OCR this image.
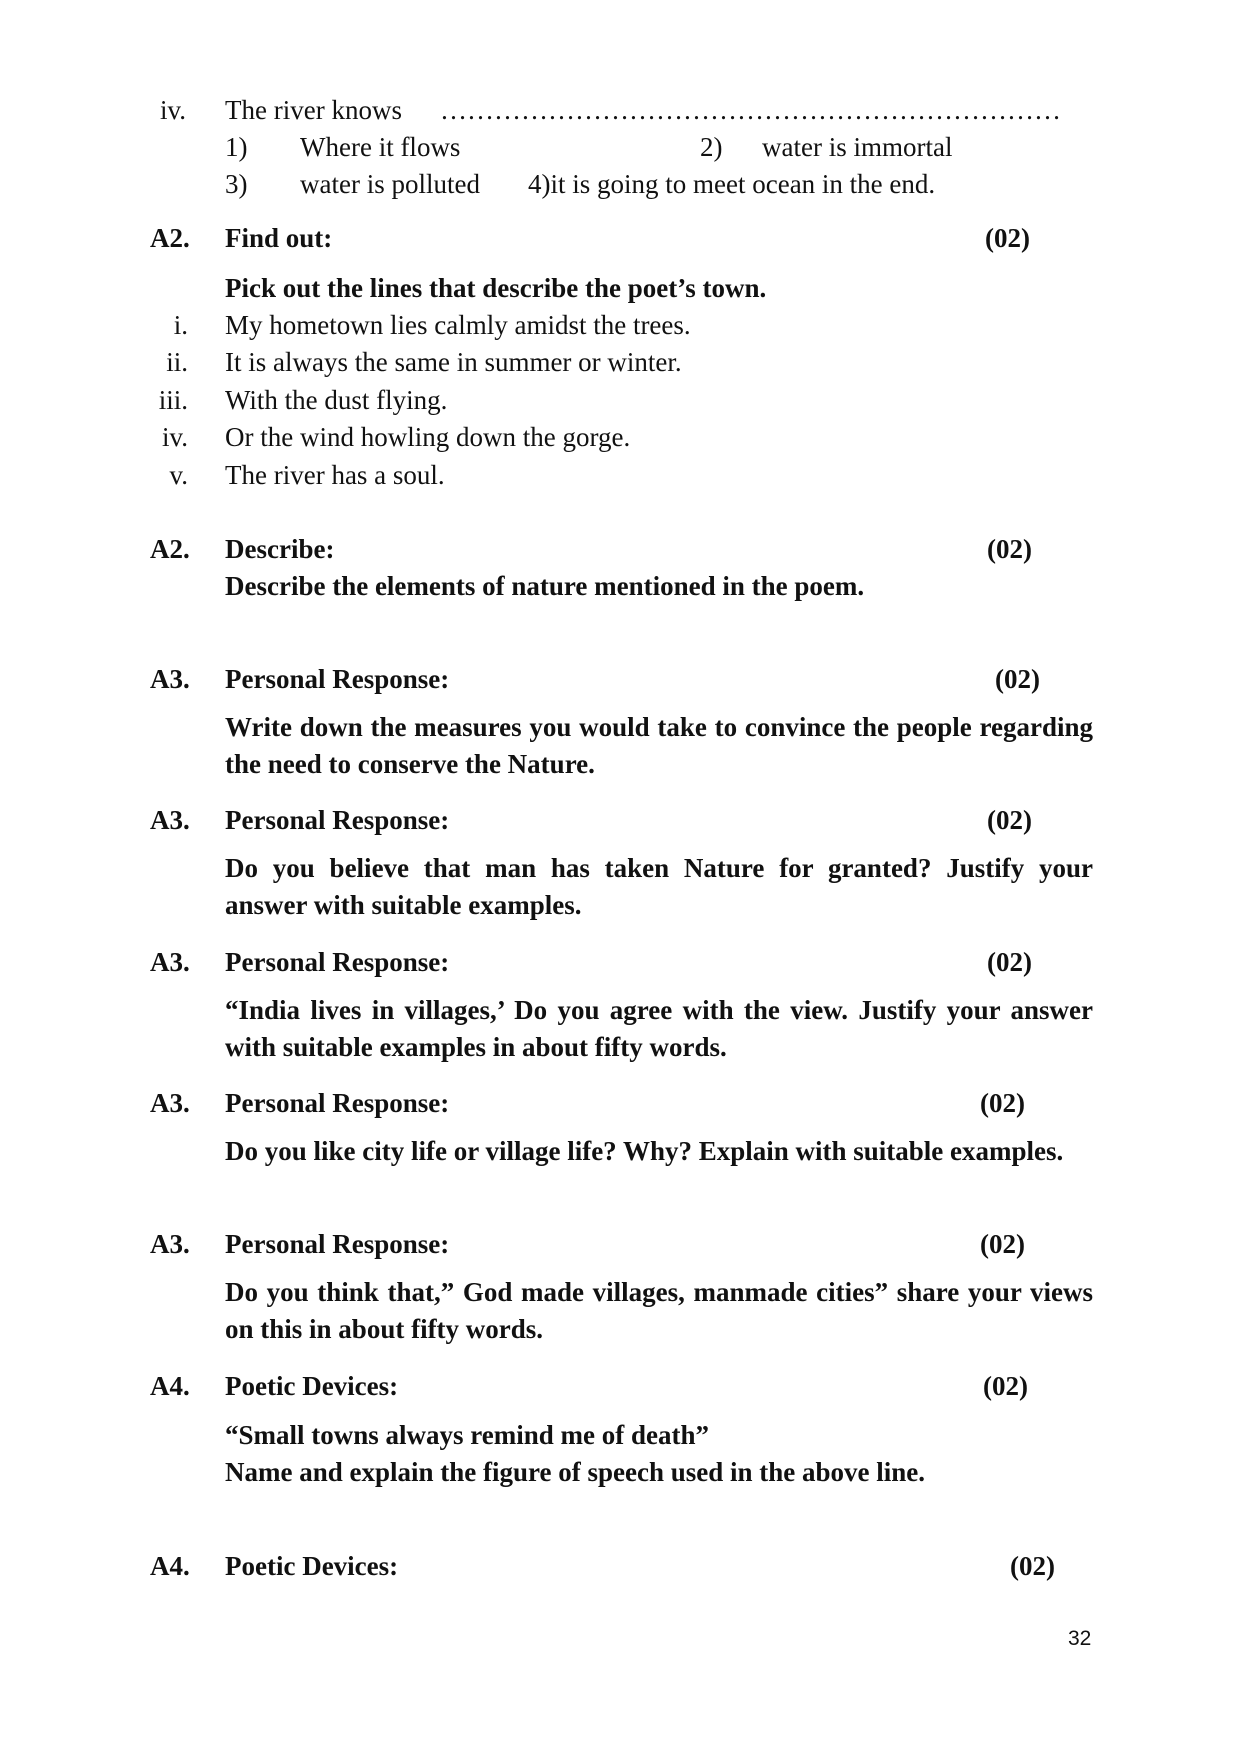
iv. The river knows ……………………………………………………………
1) Where it flows	2) water is immortal
3) water is polluted 4)it is going to meet ocean in the end.
A2. Find out:	(02)
Pick out the lines that describe the poet’s town.
i. My hometown lies calmly amidst the trees.
ii. It is always the same in summer or winter.
iii. With the dust flying.
iv. Or the wind howling down the gorge.
v. The river has a soul.
A2. Describe:	(02)
Describe the elements of nature mentioned in the poem.
A3. Personal Response:	(02)
Write down the measures you would take to convince the people regarding the need to conserve the Nature.
A3. Personal Response:	(02)
Do you believe that man has taken Nature for granted? Justify your answer with suitable examples.
A3. Personal Response:	(02)
“India lives in villages,’ Do you agree with the view. Justify your answer with suitable examples in about fifty words.
A3. Personal Response:	(02)
Do you like city life or village life? Why? Explain with suitable examples.
A3. Personal Response:	(02)
Do you think that,” God made villages, manmade cities” share your views on this in about fifty words.
A4. Poetic Devices:	(02)
“Small towns always remind me of death”
Name and explain the figure of speech used in the above line.
A4. Poetic Devices:	(02)
32
